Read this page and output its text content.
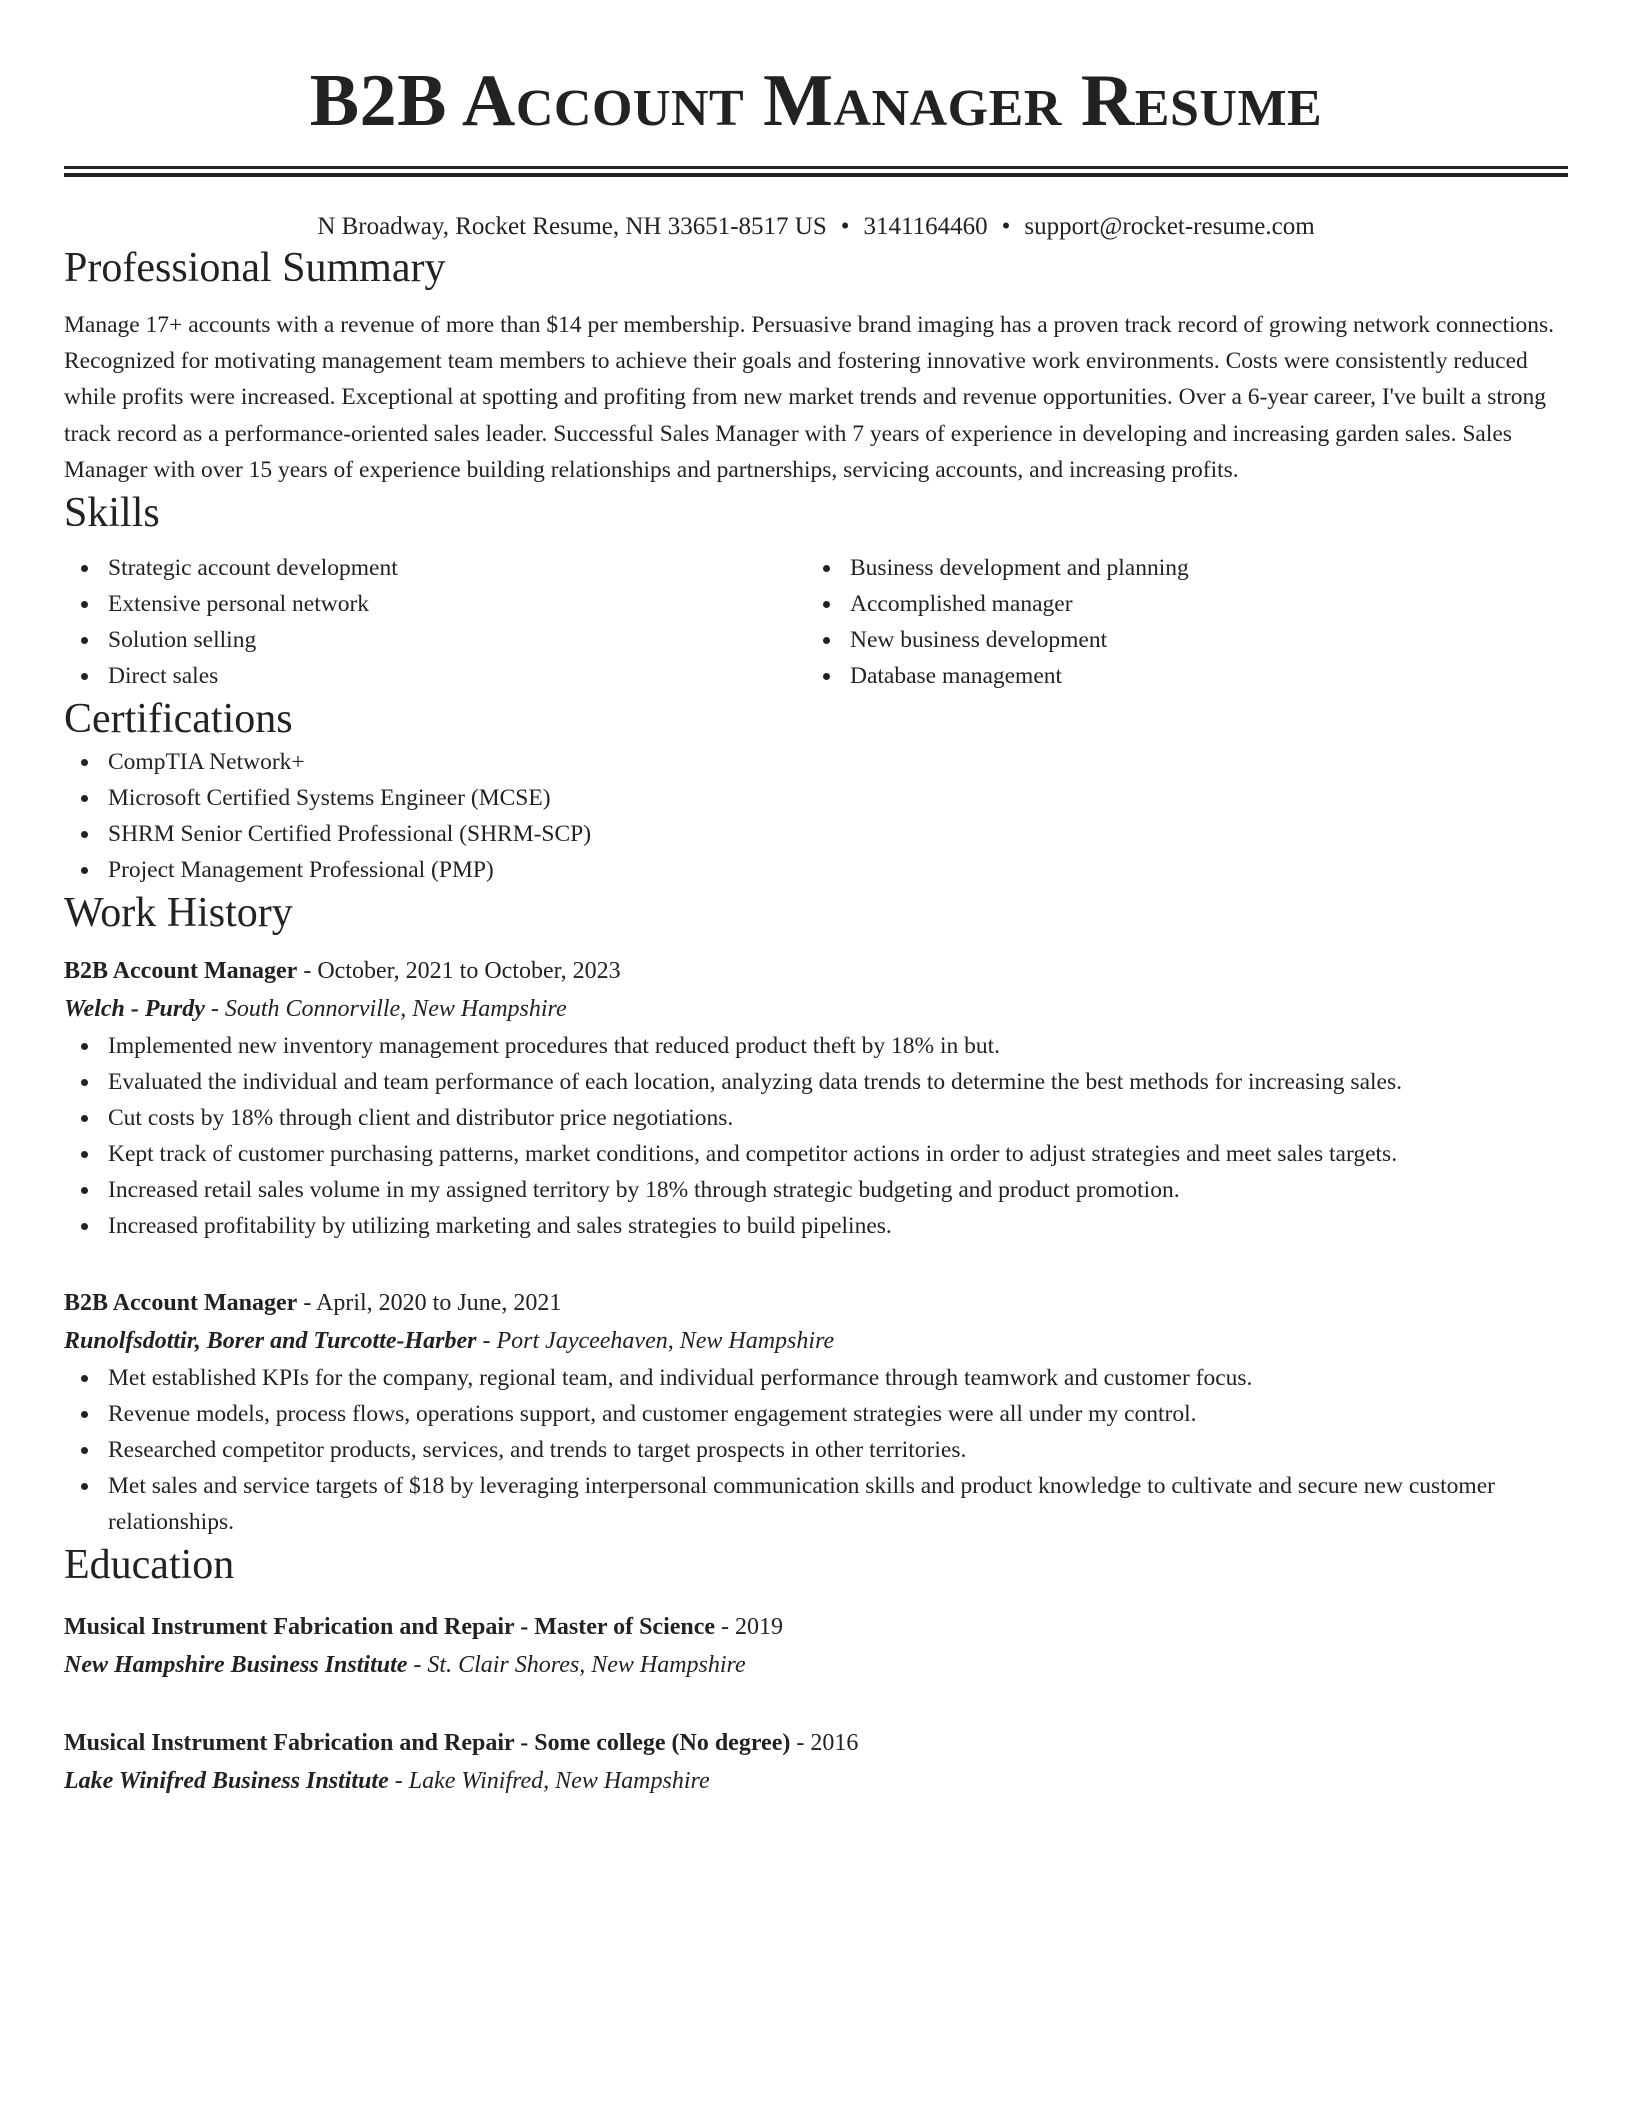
B2B Account Manager Resume
N Broadway, Rocket Resume, NH 33651-8517 US • 3141164460 • support@rocket-resume.com
Professional Summary
Manage 17+ accounts with a revenue of more than $14 per membership. Persuasive brand imaging has a proven track record of growing network connections. Recognized for motivating management team members to achieve their goals and fostering innovative work environments. Costs were consistently reduced while profits were increased. Exceptional at spotting and profiting from new market trends and revenue opportunities. Over a 6-year career, I've built a strong track record as a performance-oriented sales leader. Successful Sales Manager with 7 years of experience in developing and increasing garden sales. Sales Manager with over 15 years of experience building relationships and partnerships, servicing accounts, and increasing profits.
Skills
Strategic account development
Extensive personal network
Solution selling
Direct sales
Business development and planning
Accomplished manager
New business development
Database management
Certifications
CompTIA Network+
Microsoft Certified Systems Engineer (MCSE)
SHRM Senior Certified Professional (SHRM-SCP)
Project Management Professional (PMP)
Work History
B2B Account Manager - October, 2021 to October, 2023
Welch - Purdy - South Connorville, New Hampshire
Implemented new inventory management procedures that reduced product theft by 18% in but.
Evaluated the individual and team performance of each location, analyzing data trends to determine the best methods for increasing sales.
Cut costs by 18% through client and distributor price negotiations.
Kept track of customer purchasing patterns, market conditions, and competitor actions in order to adjust strategies and meet sales targets.
Increased retail sales volume in my assigned territory by 18% through strategic budgeting and product promotion.
Increased profitability by utilizing marketing and sales strategies to build pipelines.
B2B Account Manager - April, 2020 to June, 2021
Runolfsdottir, Borer and Turcotte-Harber - Port Jayceehaven, New Hampshire
Met established KPIs for the company, regional team, and individual performance through teamwork and customer focus.
Revenue models, process flows, operations support, and customer engagement strategies were all under my control.
Researched competitor products, services, and trends to target prospects in other territories.
Met sales and service targets of $18 by leveraging interpersonal communication skills and product knowledge to cultivate and secure new customer relationships.
Education
Musical Instrument Fabrication and Repair - Master of Science - 2019
New Hampshire Business Institute - St. Clair Shores, New Hampshire
Musical Instrument Fabrication and Repair - Some college (No degree) - 2016
Lake Winifred Business Institute - Lake Winifred, New Hampshire
